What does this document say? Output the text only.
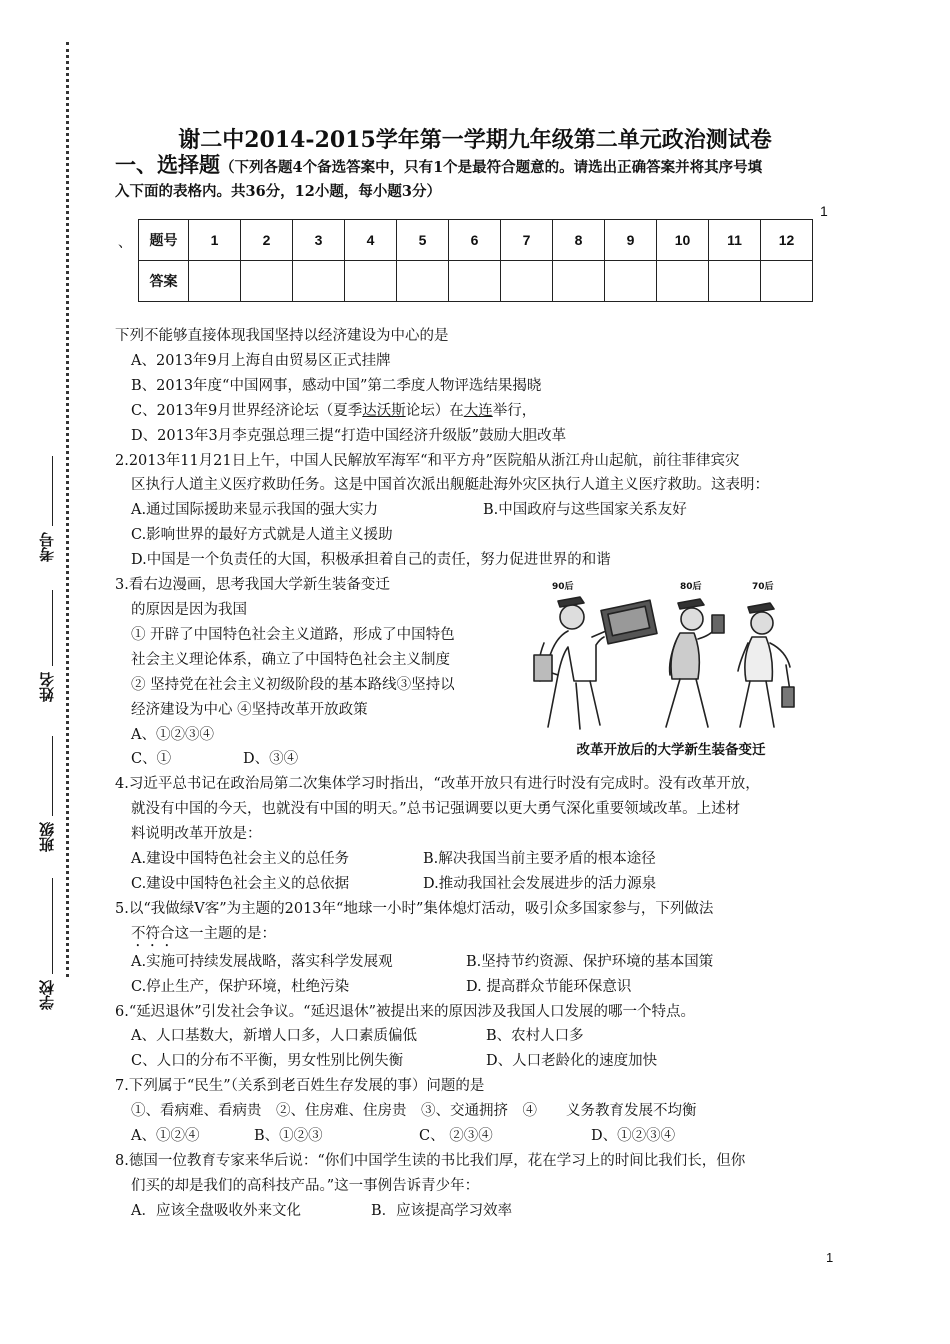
考号
姓名
班级
学校
谢二中2014-2015学年第一学期九年级第二单元政治测试卷
一、选择题（下列各题4个备选答案中，只有1个是最符合题意的。请选出正确答案并将其序号填
入下面的表格内。共36分，12小题，每小题3分）
1
、 题号	1	2	3	4	5	6	7	8	9	10	11	12
答案												
下列不能够直接体现我国坚持以经济建设为中心的是
A、2013年9月上海自由贸易区正式挂牌
B、2013年度“中国网事，感动中国”第二季度人物评选结果揭晓
C、2013年9月世界经济论坛（夏季达沃斯论坛）在大连举行，
D、2013年3月李克强总理三提“打造中国经济升级版”鼓励大胆改革
2.2013年11月21日上午，中国人民解放军海军“和平方舟”医院船从浙江舟山起航，前往菲律宾灾
区执行人道主义医疗救助任务。这是中国首次派出舰艇赴海外灾区执行人道主义医疗救助。这表明：
A.通过国际援助来显示我国的强大实力	B.中国政府与这些国家关系友好
C.影响世界的最好方式就是人道主义援助
D.中国是一个负责任的大国，积极承担着自己的责任，努力促进世界的和谐
3.看右边漫画，思考我国大学新生装备变迁
的原因是因为我国
① 开辟了中国特色社会主义道路，形成了中国特色
社会主义理论体系，确立了中国特色社会主义制度
② 坚持党在社会主义初级阶段的基本路线③坚持以
经济建设为中心 ④坚持改革开放政策
A、①②③④
C、①	D、③④
4.习近平总书记在政治局第二次集体学习时指出，“改革开放只有进行时没有完成时。没有改革开放，
就没有中国的今天，也就没有中国的明天。”总书记强调要以更大勇气深化重要领域改革。上述材
料说明改革开放是：
A.建设中国特色社会主义的总任务	B.解决我国当前主要矛盾的根本途径
C.建设中国特色社会主义的总依据	D.推动我国社会发展进步的活力源泉
5.以“我做绿V客”为主题的2013年“地球一小时”集体熄灯活动，吸引众多国家参与，下列做法
不符合这一主题的是：
A.实施可持续发展战略，落实科学发展观	B.坚持节约资源、保护环境的基本国策
C.停止生产，保护环境，杜绝污染	D. 提高群众节能环保意识
6.“延迟退休”引发社会争议。“延迟退休”被提出来的原因涉及我国人口发展的哪一个特点。
A、人口基数大，新增人口多，人口素质偏低	B、农村人口多
C、人口的分布不平衡，男女性别比例失衡	D、人口老龄化的速度加快
7.下列属于“民生”（关系到老百姓生存发展的事）问题的是
①、看病难、看病贵　②、住房难、住房贵　③、交通拥挤　④　　义务教育发展不均衡
A、①②④	B、①②③	C、 ②③④	D、①②③④
8.德国一位教育专家来华后说：“你们中国学生读的书比我们厚，花在学习上的时间比我们长，但你
们买的却是我们的高科技产品。”这一事例告诉青少年：
A．应该全盘吸收外来文化	B．应该提高学习效率
90后	80后	70后
改革开放后的大学新生装备变迁
1
